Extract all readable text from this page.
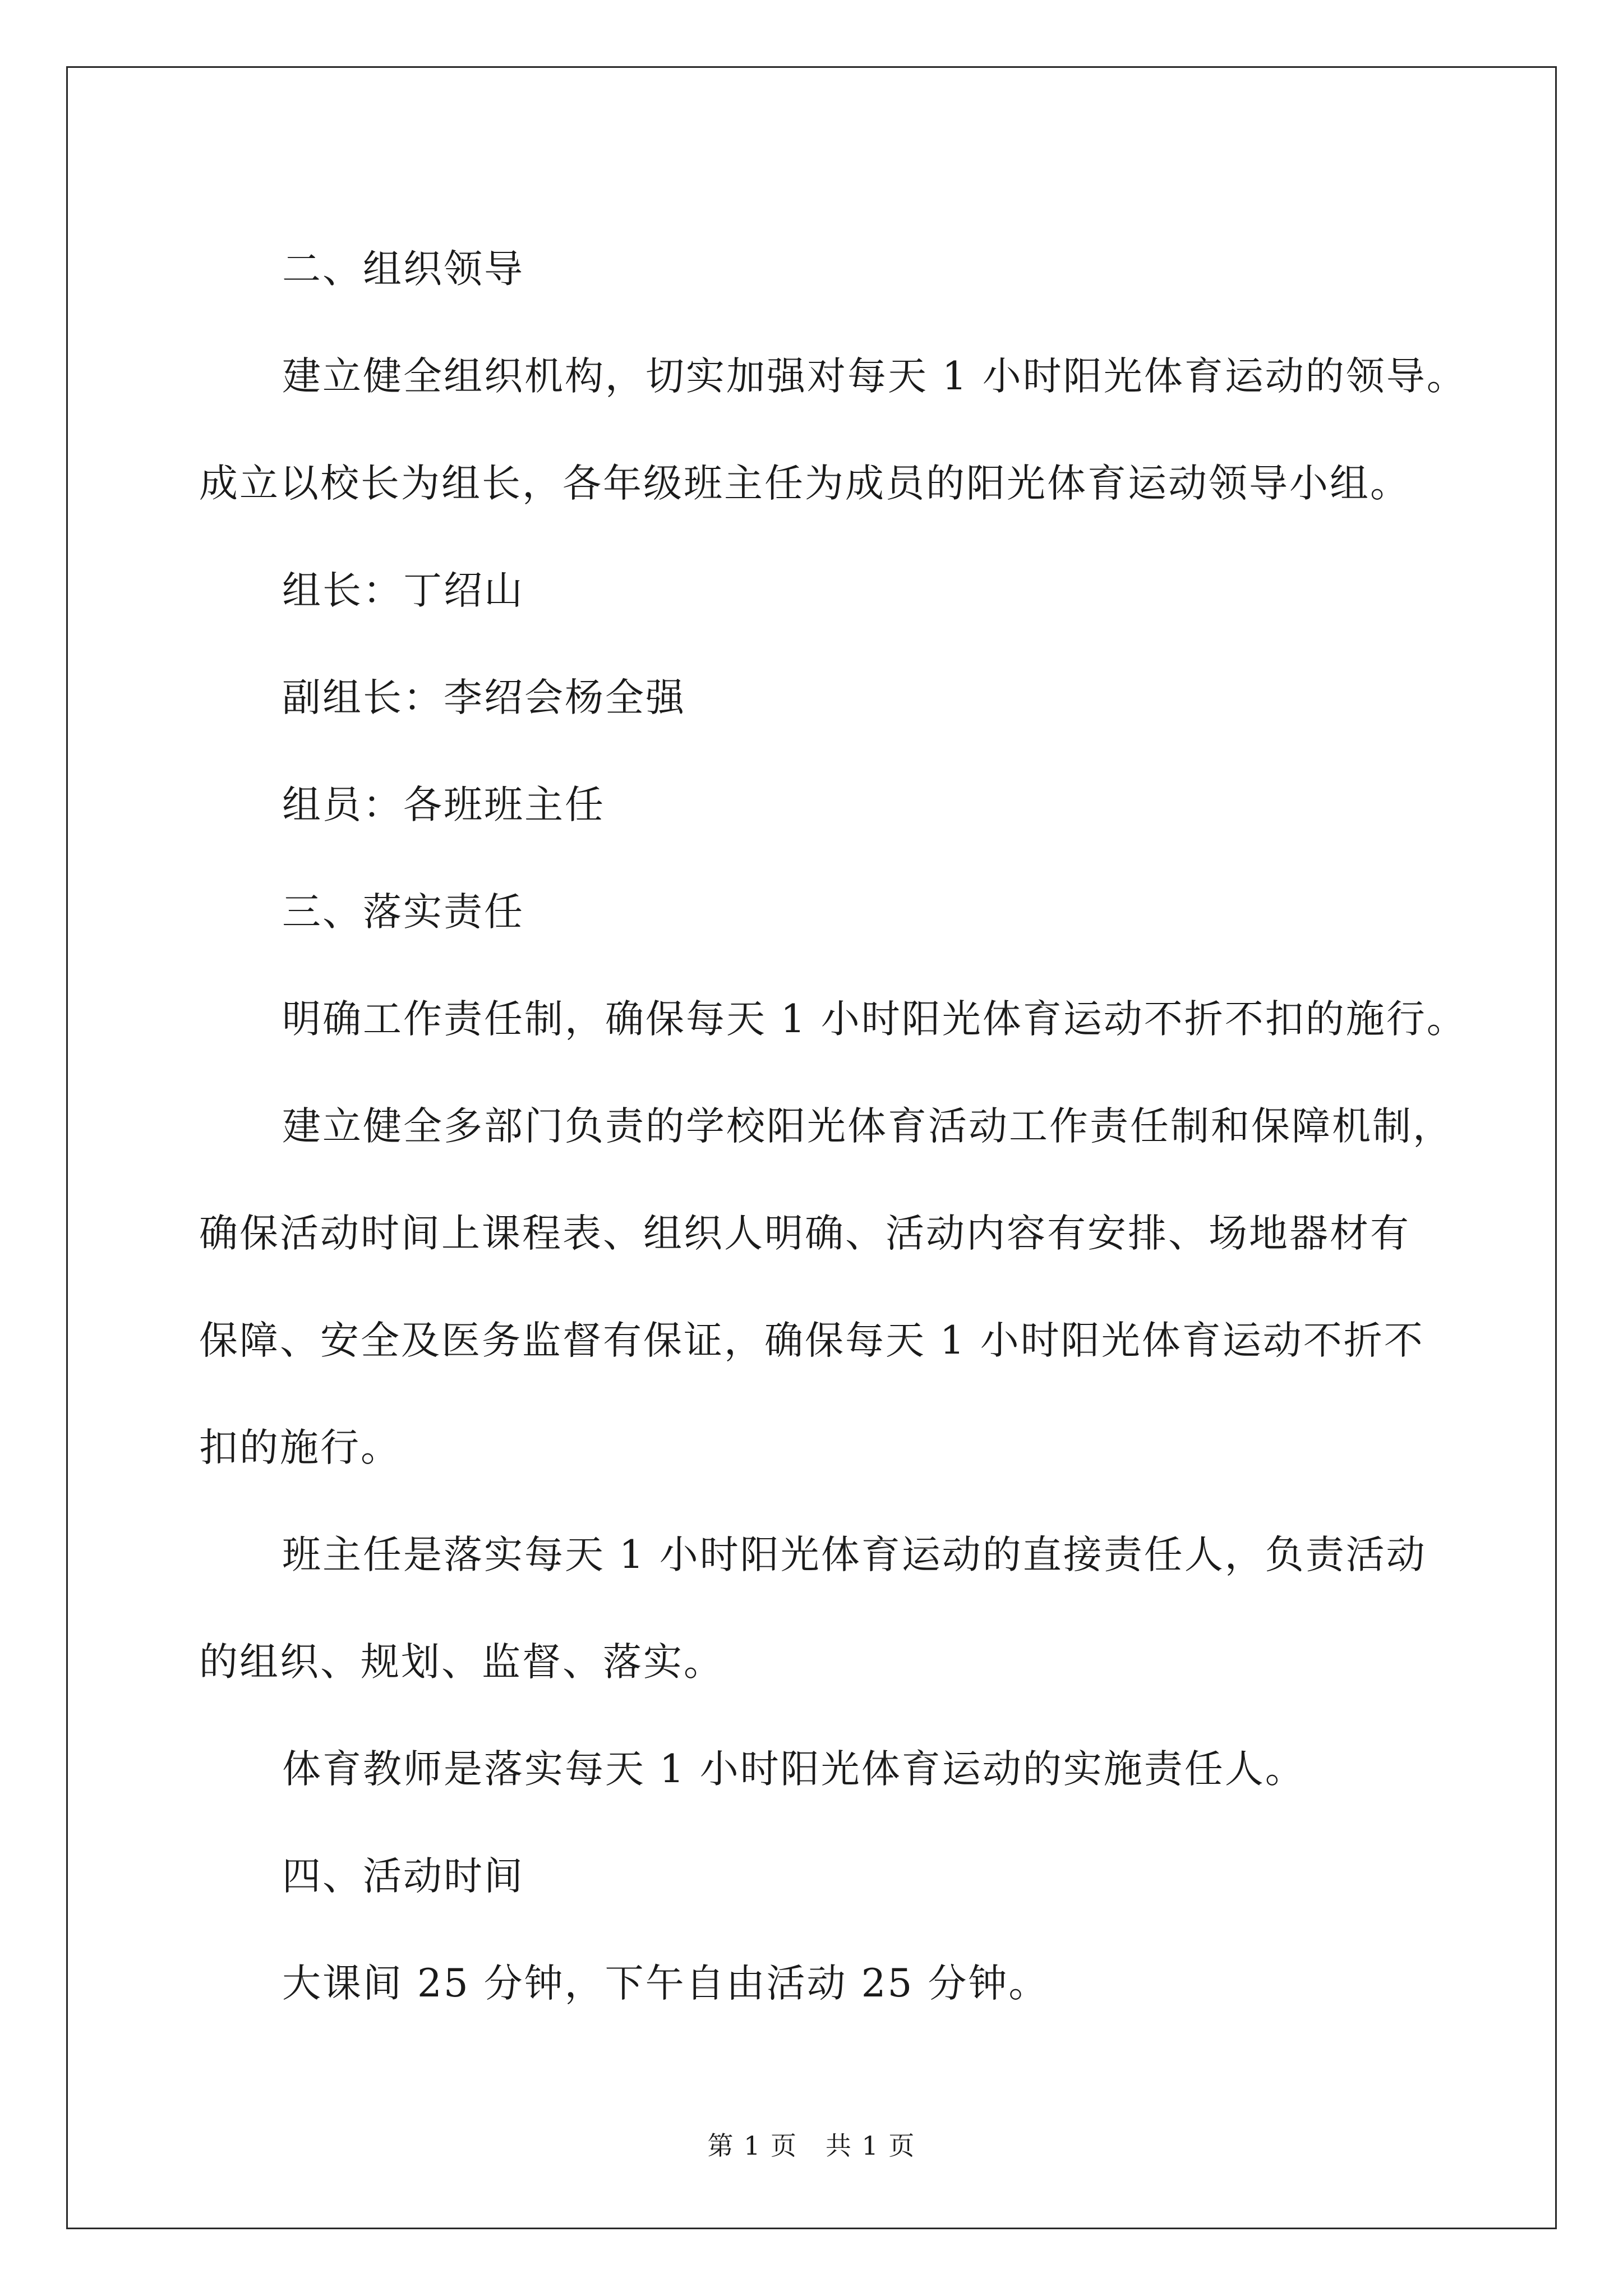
二、组织领导

建立健全组织机构，切实加强对每天 1 小时阳光体育运动的领导。

成立以校长为组长，各年级班主任为成员的阳光体育运动领导小组。

组长：丁绍山

副组长：李绍会杨全强

组员：各班班主任

三、落实责任

明确工作责任制，确保每天 1 小时阳光体育运动不折不扣的施行。

建立健全多部门负责的学校阳光体育活动工作责任制和保障机制，

确保活动时间上课程表、组织人明确、活动内容有安排、场地器材有

保障、安全及医务监督有保证，确保每天 1 小时阳光体育运动不折不

扣的施行。

班主任是落实每天 1 小时阳光体育运动的直接责任人，负责活动

的组织、规划、监督、落实。

体育教师是落实每天 1 小时阳光体育运动的实施责任人。

四、活动时间

大课间 25 分钟，下午自由活动 25 分钟。

第 1 页   共 1 页
